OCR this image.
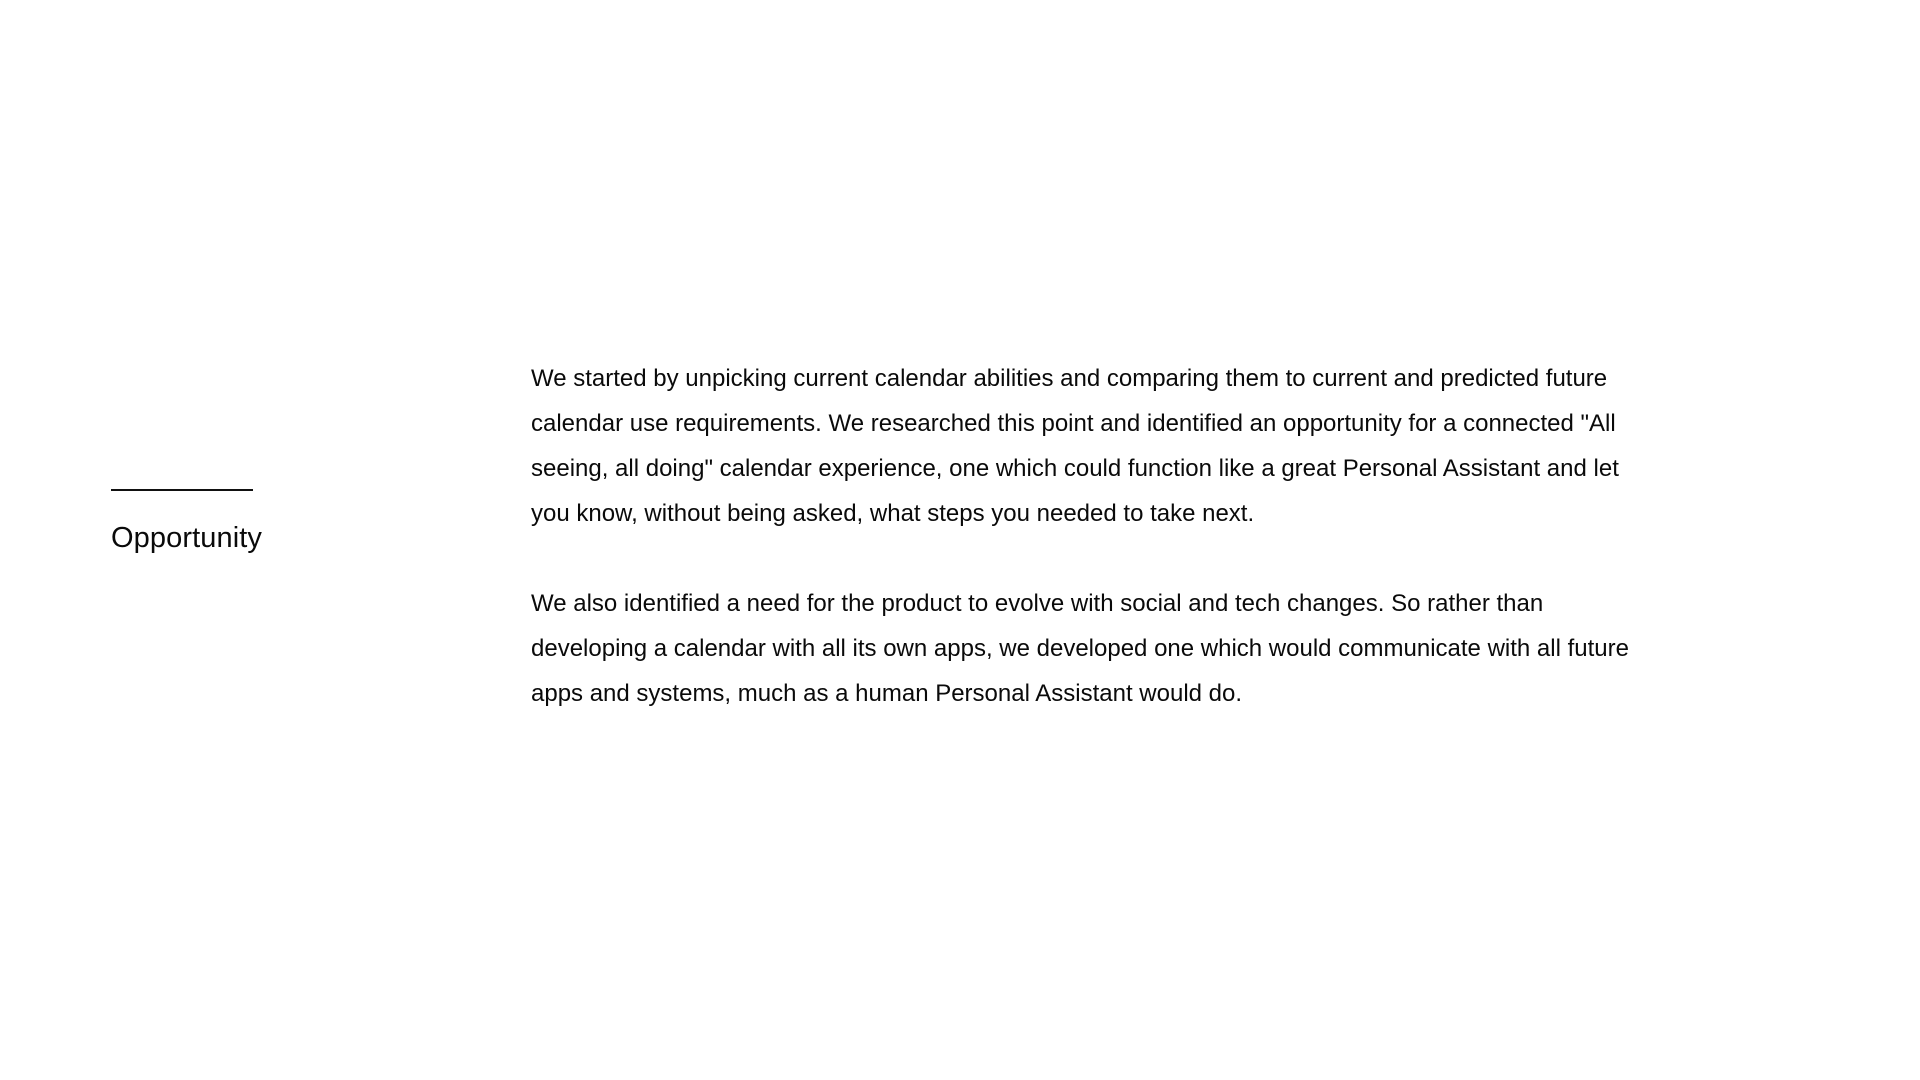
Opportunity

We started by unpicking current calendar abilities and comparing them to current and predicted future calendar use requirements. We researched this point and identified an opportunity for a connected "All seeing, all doing" calendar experience, one which could function like a great Personal Assistant and let you know, without being asked, what steps you needed to take next.

We also identified a need for the product to evolve with social and tech changes. So rather than developing a calendar with all its own apps, we developed one which would communicate with all future apps and systems, much as a human Personal Assistant would do.
